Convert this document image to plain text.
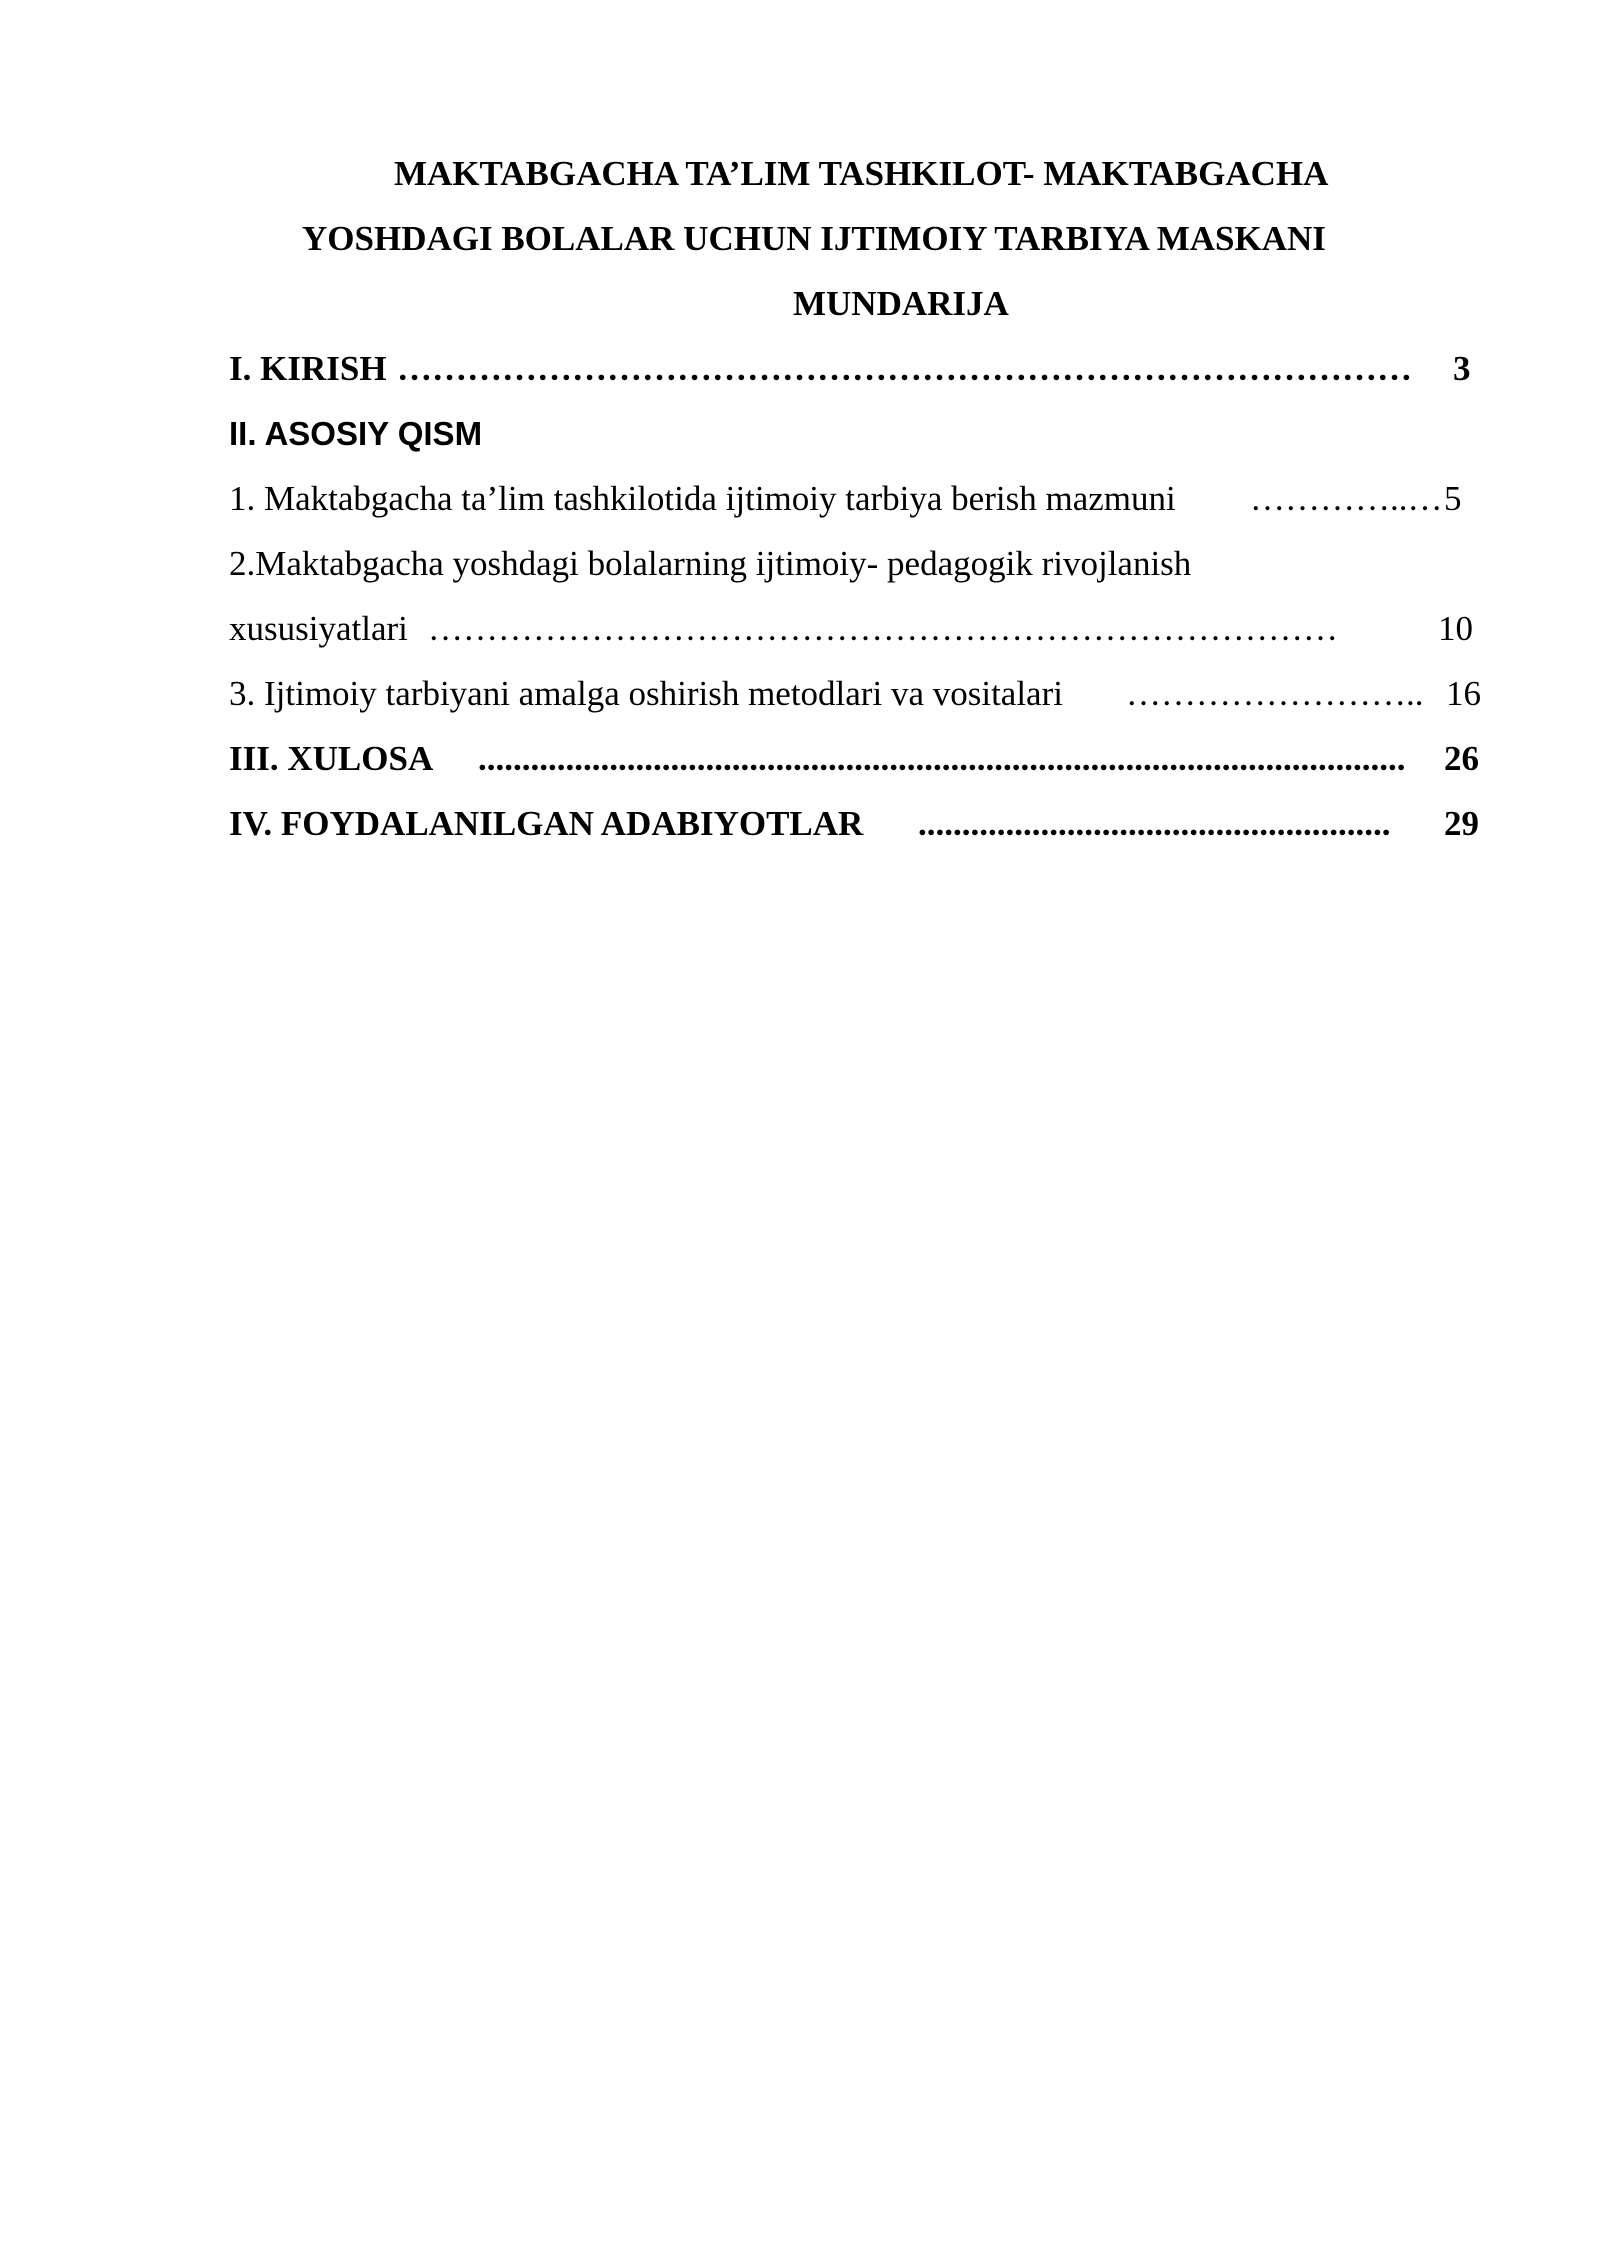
MAKTABGACHA TA’LIM TASHKILOT- MAKTABGACHA
YOSHDAGI BOLALAR UCHUN IJTIMOIY TARBIYA MASKANI
MUNDARIJA
I. KIRISH ……………………………………………………………………………	3
II. ASOSIY QISM
1. Maktabgacha ta’lim tashkilotida ijtimoiy tarbiya berish mazmuni …………..… 5
2.Maktabgacha yoshdagi bolalarning ijtimoiy- pedagogik rivojlanish
xususiyatlari ……………………………………………………………………	10
3. Ijtimoiy tarbiyani amalga oshirish metodlari va vositalari …………………….. 16
III. XULOSA ..........................................................................................................	26
IV. FOYDALANILGAN ADABIYOTLAR ......................................................	29
